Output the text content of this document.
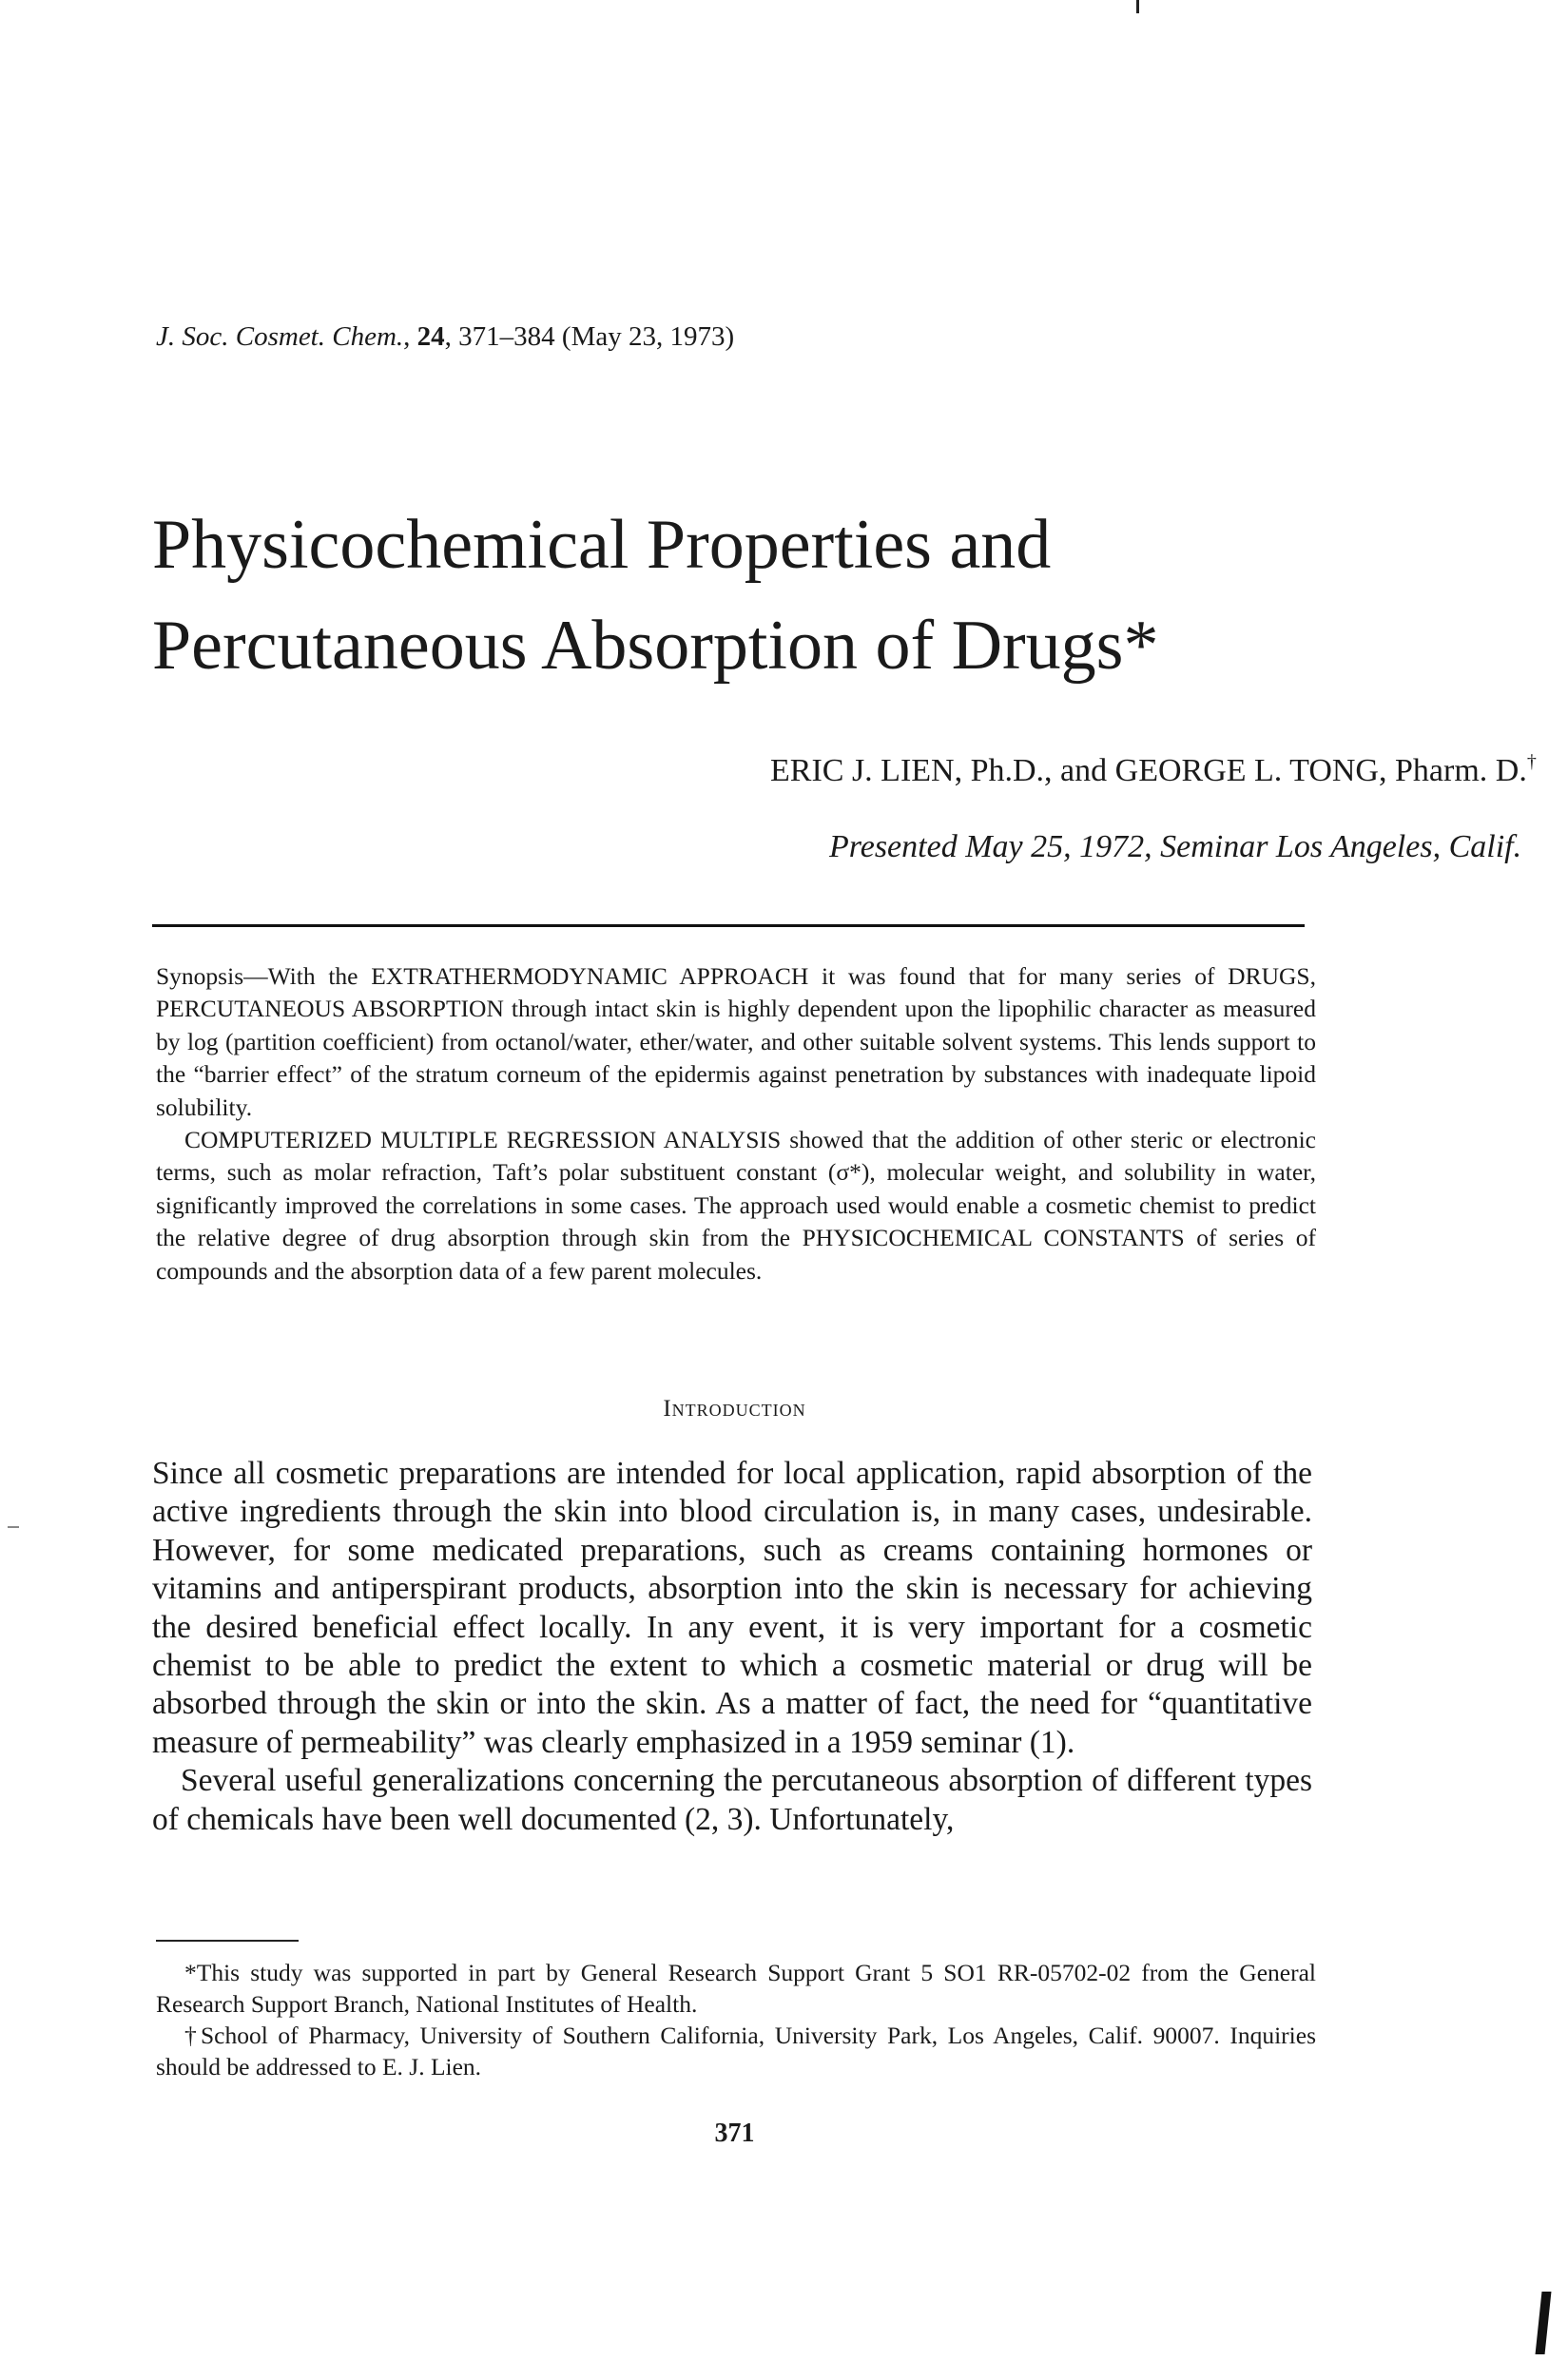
J. Soc. Cosmet. Chem., 24, 371–384 (May 23, 1973)
Physicochemical Properties and Percutaneous Absorption of Drugs*
ERIC J. LIEN, Ph.D., and GEORGE L. TONG, Pharm. D.†
Presented May 25, 1972, Seminar Los Angeles, Calif.

Synopsis—With the EXTRATHERMODYNAMIC APPROACH it was found that for many series of DRUGS, PERCUTANEOUS ABSORPTION through intact skin is highly dependent upon the lipophilic character as measured by log (partition coefficient) from octanol/water, ether/water, and other suitable solvent systems. This lends support to the “barrier effect” of the stratum corneum of the epidermis against penetration by substances with inadequate lipoid solubility.

COMPUTERIZED MULTIPLE REGRESSION ANALYSIS showed that the addition of other steric or electronic terms, such as molar refraction, Taft’s polar substituent constant (σ*), molecular weight, and solubility in water, significantly improved the correlations in some cases. The approach used would enable a cosmetic chemist to predict the relative degree of drug absorption through skin from the PHYSICOCHEMICAL CONSTANTS of series of compounds and the absorption data of a few parent molecules.

Introduction

Since all cosmetic preparations are intended for local application, rapid absorption of the active ingredients through the skin into blood circulation is, in many cases, undesirable. However, for some medicated preparations, such as creams containing hormones or vitamins and antiperspirant products, absorption into the skin is necessary for achieving the desired beneficial effect locally. In any event, it is very important for a cosmetic chemist to be able to predict the extent to which a cosmetic material or drug will be absorbed through the skin or into the skin. As a matter of fact, the need for “quantitative measure of permeability” was clearly emphasized in a 1959 seminar (1).

Several useful generalizations concerning the percutaneous absorption of different types of chemicals have been well documented (2, 3). Unfortunately,

*This study was supported in part by General Research Support Grant 5 SO1 RR-05702-02 from the General Research Support Branch, National Institutes of Health.

†School of Pharmacy, University of Southern California, University Park, Los Angeles, Calif. 90007. Inquiries should be addressed to E. J. Lien.

371
